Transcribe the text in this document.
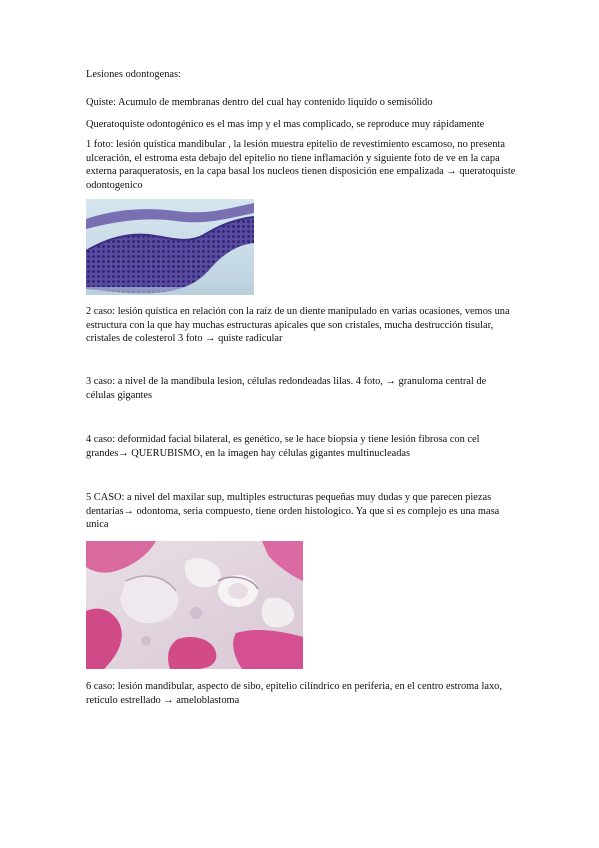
Lesiones odontogenas:
Quiste: Acumulo de membranas dentro del cual hay contenido liquido o semisólido
Queratoquiste odontogénico es el mas imp y el mas complicado, se reproduce muy rápidamente
1 foto: lesión quística mandibular , la lesión muestra epitelio de revestimiento escamoso, no presenta ulceración, el estroma esta debajo del epitelio no tiene inflamación y siguiente foto de ve en la capa externa paraqueratosis, en la capa basal los nucleos tienen disposición ene empalizada → queratoquiste odontogenico
2 caso: lesión quística en relación con la raíz de un diente manipulado en varias ocasiones, vemos una estructura con la que hay muchas estructuras apicales que son cristales, mucha destrucción tisular, cristales de colesterol 3 foto → quiste radicular
3 caso: a nivel de la mandibula lesion, células redondeadas lilas. 4 foto, → granuloma central de células gigantes
4 caso: deformidad facial bilateral, es genético, se le hace biopsia y tiene lesión fibrosa con cel grandes→ QUERUBISMO, en la imagen hay células gigantes multinucleadas
5 CASO: a nivel del maxilar sup, multiples estructuras pequeñas muy dudas y que parecen piezas dentarias→ odontoma, seria compuesto, tiene orden histologico. Ya que si es complejo es una masa unica
6 caso: lesión mandibular, aspecto de sibo, epitelio cilíndrico en periferia, en el centro estroma laxo, retículo estrellado → ameloblastoma
